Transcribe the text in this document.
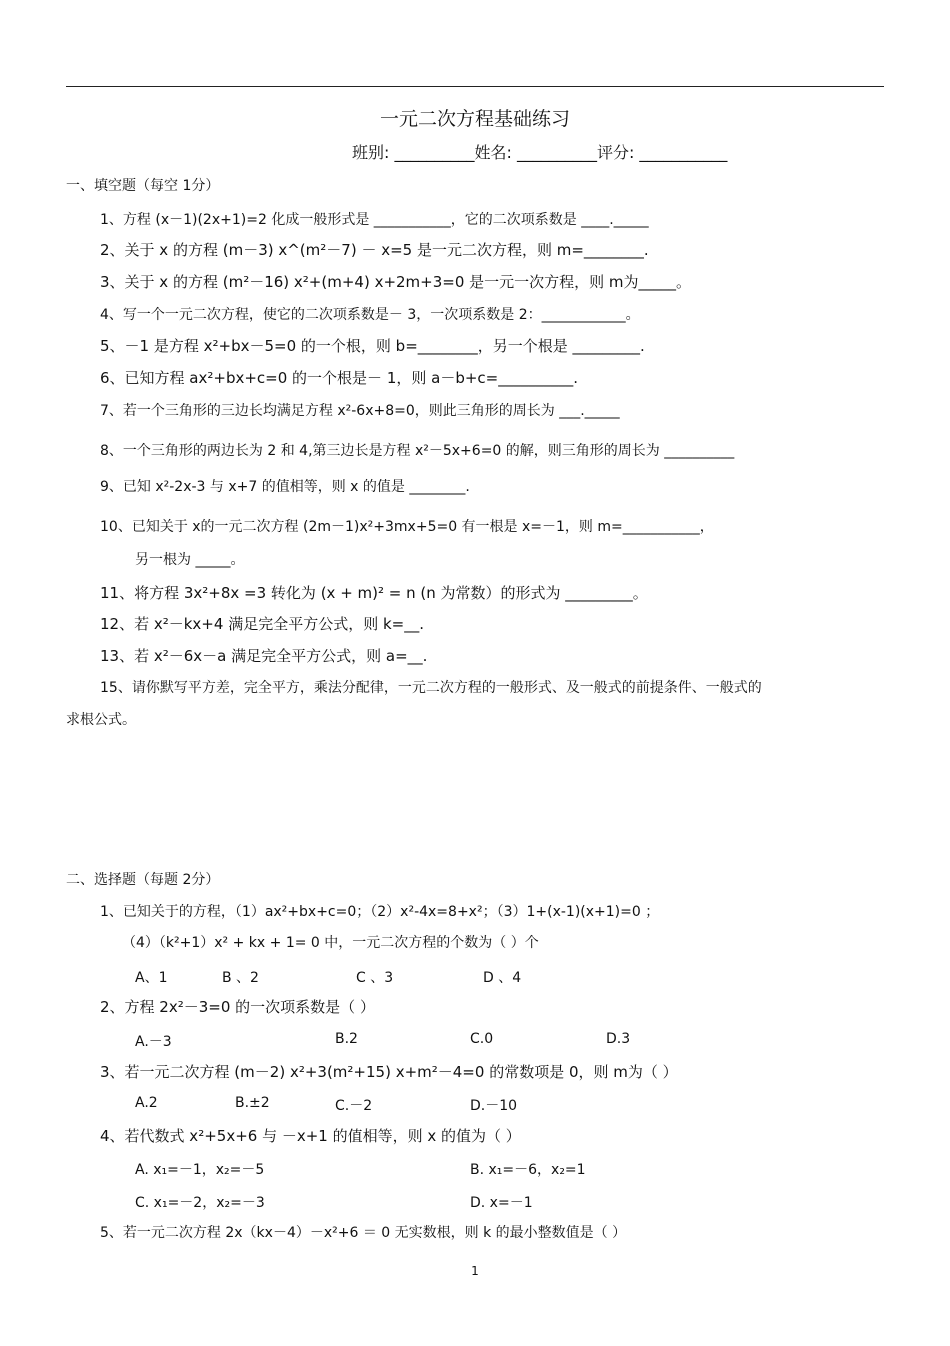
一元二次方程基础练习
班别: __________姓名: __________评分: ___________
一、填空题（每空 1分）
1、方程 (x－1)(2x+1)=2 化成一般形式是 ___________，它的二次项系数是 ____._____
2、关于 x 的方程 (m－3) x^(m²－7) － x=5 是一元二次方程，则 m=________.
3、关于 x 的方程 (m²－16) x²+(m+4) x+2m+3=0 是一元一次方程，则 m为_____。
4、写一个一元二次方程，使它的二次项系数是－ 3，一次项系数是 2：____________。
5、－1 是方程 x²+bx－5=0 的一个根，则 b=________，另一个根是 _________.
6、已知方程 ax²+bx+c=0 的一个根是－ 1，则 a－b+c=__________.
7、若一个三角形的三边长均满足方程 x²-6x+8=0，则此三角形的周长为 ___._____
8、一个三角形的两边长为 2 和 4,第三边长是方程 x²－5x+6=0 的解，则三角形的周长为 __________
9、已知 x²-2x-3 与 x+7 的值相等，则 x 的值是 ________.
10、已知关于 x的一元二次方程 (2m－1)x²+3mx+5=0 有一根是 x=－1，则 m=___________，
另一根为 _____。
11、将方程 3x²+8x =3 转化为 (x + m)² = n (n 为常数）的形式为 _________。
12、若 x²－kx+4 满足完全平方公式，则 k=__.
13、若 x²－6x－a 满足完全平方公式，则 a=__.
15、请你默写平方差，完全平方，乘法分配律，一元二次方程的一般形式、及一般式的前提条件、一般式的
求根公式。
二、选择题（每题 2分）
1、已知关于的方程，（1）ax²+bx+c=0；（2）x²-4x=8+x²；（3）1+(x-1)(x+1)=0 ；
（4）（k²+1）x² + kx + 1= 0 中，一元二次方程的个数为（ ）个
A、1	B 、2	C 、3	D 、4
2、方程 2x²－3=0 的一次项系数是（ ）
A.－3	B.2	C.0	D.3
3、若一元二次方程 (m－2) x²+3(m²+15) x+m²－4=0 的常数项是 0，则 m为（ ）
A.2	B.±2	C.－2	D.－10
4、若代数式 x²+5x+6 与 －x+1 的值相等，则 x 的值为（ ）
A. x₁=－1，x₂=－5	B. x₁=－6，x₂=1
C. x₁=－2，x₂=－3	D. x=－1
5、若一元二次方程 2x（kx－4）－x²+6 ＝ 0 无实数根，则 k 的最小整数值是（ ）
1
